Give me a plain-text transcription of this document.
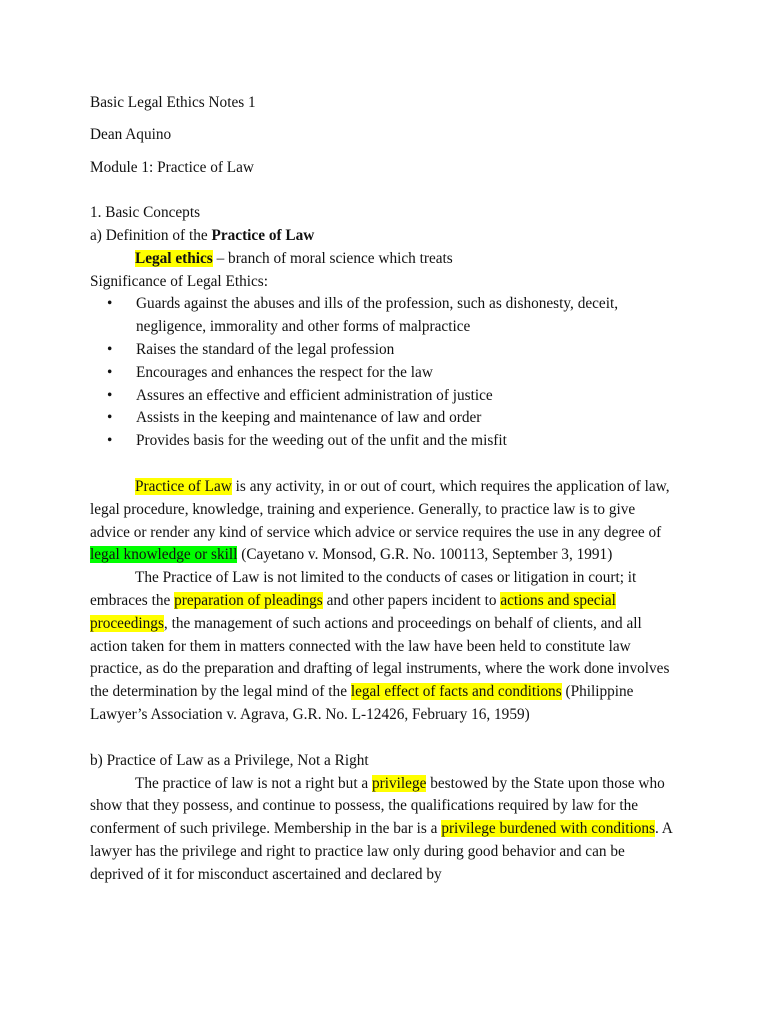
Basic Legal Ethics Notes 1

Dean Aquino

Module 1: Practice of Law

1. Basic Concepts

a) Definition of the Practice of Law

Legal ethics – branch of moral science which treats

Significance of Legal Ethics:

• Guards against the abuses and ills of the profession, such as dishonesty, deceit, negligence, immorality and other forms of malpractice
• Raises the standard of the legal profession
• Encourages and enhances the respect for the law
• Assures an effective and efficient administration of justice
• Assists in the keeping and maintenance of law and order
• Provides basis for the weeding out of the unfit and the misfit

Practice of Law is any activity, in or out of court, which requires the application of law, legal procedure, knowledge, training and experience. Generally, to practice law is to give advice or render any kind of service which advice or service requires the use in any degree of legal knowledge or skill (Cayetano v. Monsod, G.R. No. 100113, September 3, 1991)

The Practice of Law is not limited to the conducts of cases or litigation in court; it embraces the preparation of pleadings and other papers incident to actions and special proceedings, the management of such actions and proceedings on behalf of clients, and all action taken for them in matters connected with the law have been held to constitute law practice, as do the preparation and drafting of legal instruments, where the work done involves the determination by the legal mind of the legal effect of facts and conditions (Philippine Lawyer’s Association v. Agrava, G.R. No. L-12426, February 16, 1959)

b) Practice of Law as a Privilege, Not a Right

The practice of law is not a right but a privilege bestowed by the State upon those who show that they possess, and continue to possess, the qualifications required by law for the conferment of such privilege. Membership in the bar is a privilege burdened with conditions. A lawyer has the privilege and right to practice law only during good behavior and can be deprived of it for misconduct ascertained and declared by
